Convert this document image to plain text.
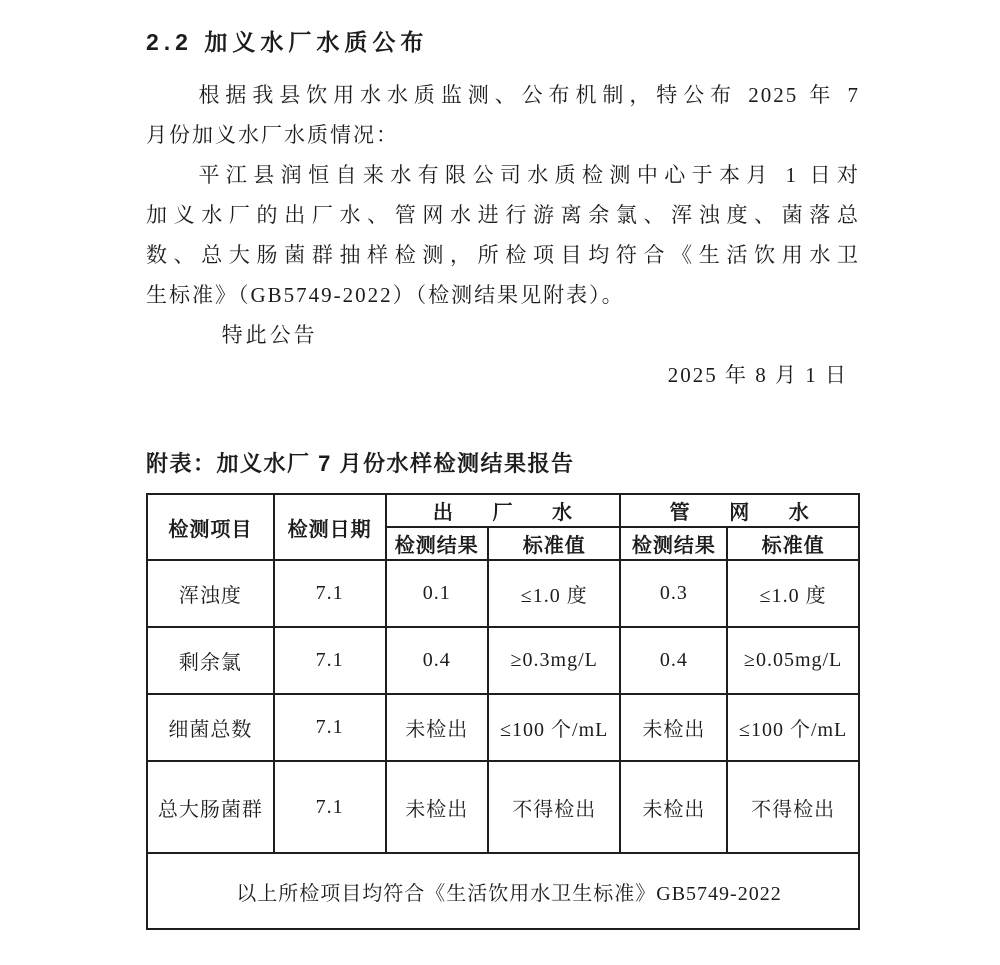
2.2 加义水厂水质公布
根据我县饮用水水质监测、公布机制，特公布 2025 年 7
月份加义水厂水质情况：
平江县润恒自来水有限公司水质检测中心于本月 1 日对
加义水厂的出厂水、管网水进行游离余氯、浑浊度、菌落总
数、总大肠菌群抽样检测，所检项目均符合《生活饮用水卫
生标准》（GB5749-2022）（检测结果见附表）。
特此公告
2025 年 8 月 1 日
附表：加义水厂 7 月份水样检测结果报告
检测项目	检测日期	出 厂 水		管 网 水	
		检测结果	标准值	检测结果	标准值
浑浊度	7.1	0.1	≤1.0 度	0.3	≤1.0 度
剩余氯	7.1	0.4	≥0.3mg/L	0.4	≥0.05mg/L
细菌总数	7.1	未检出	≤100 个/mL	未检出	≤100 个/mL
总大肠菌群	7.1	未检出	不得检出	未检出	不得检出
以上所检项目均符合《生活饮用水卫生标准》GB5749-2022					
